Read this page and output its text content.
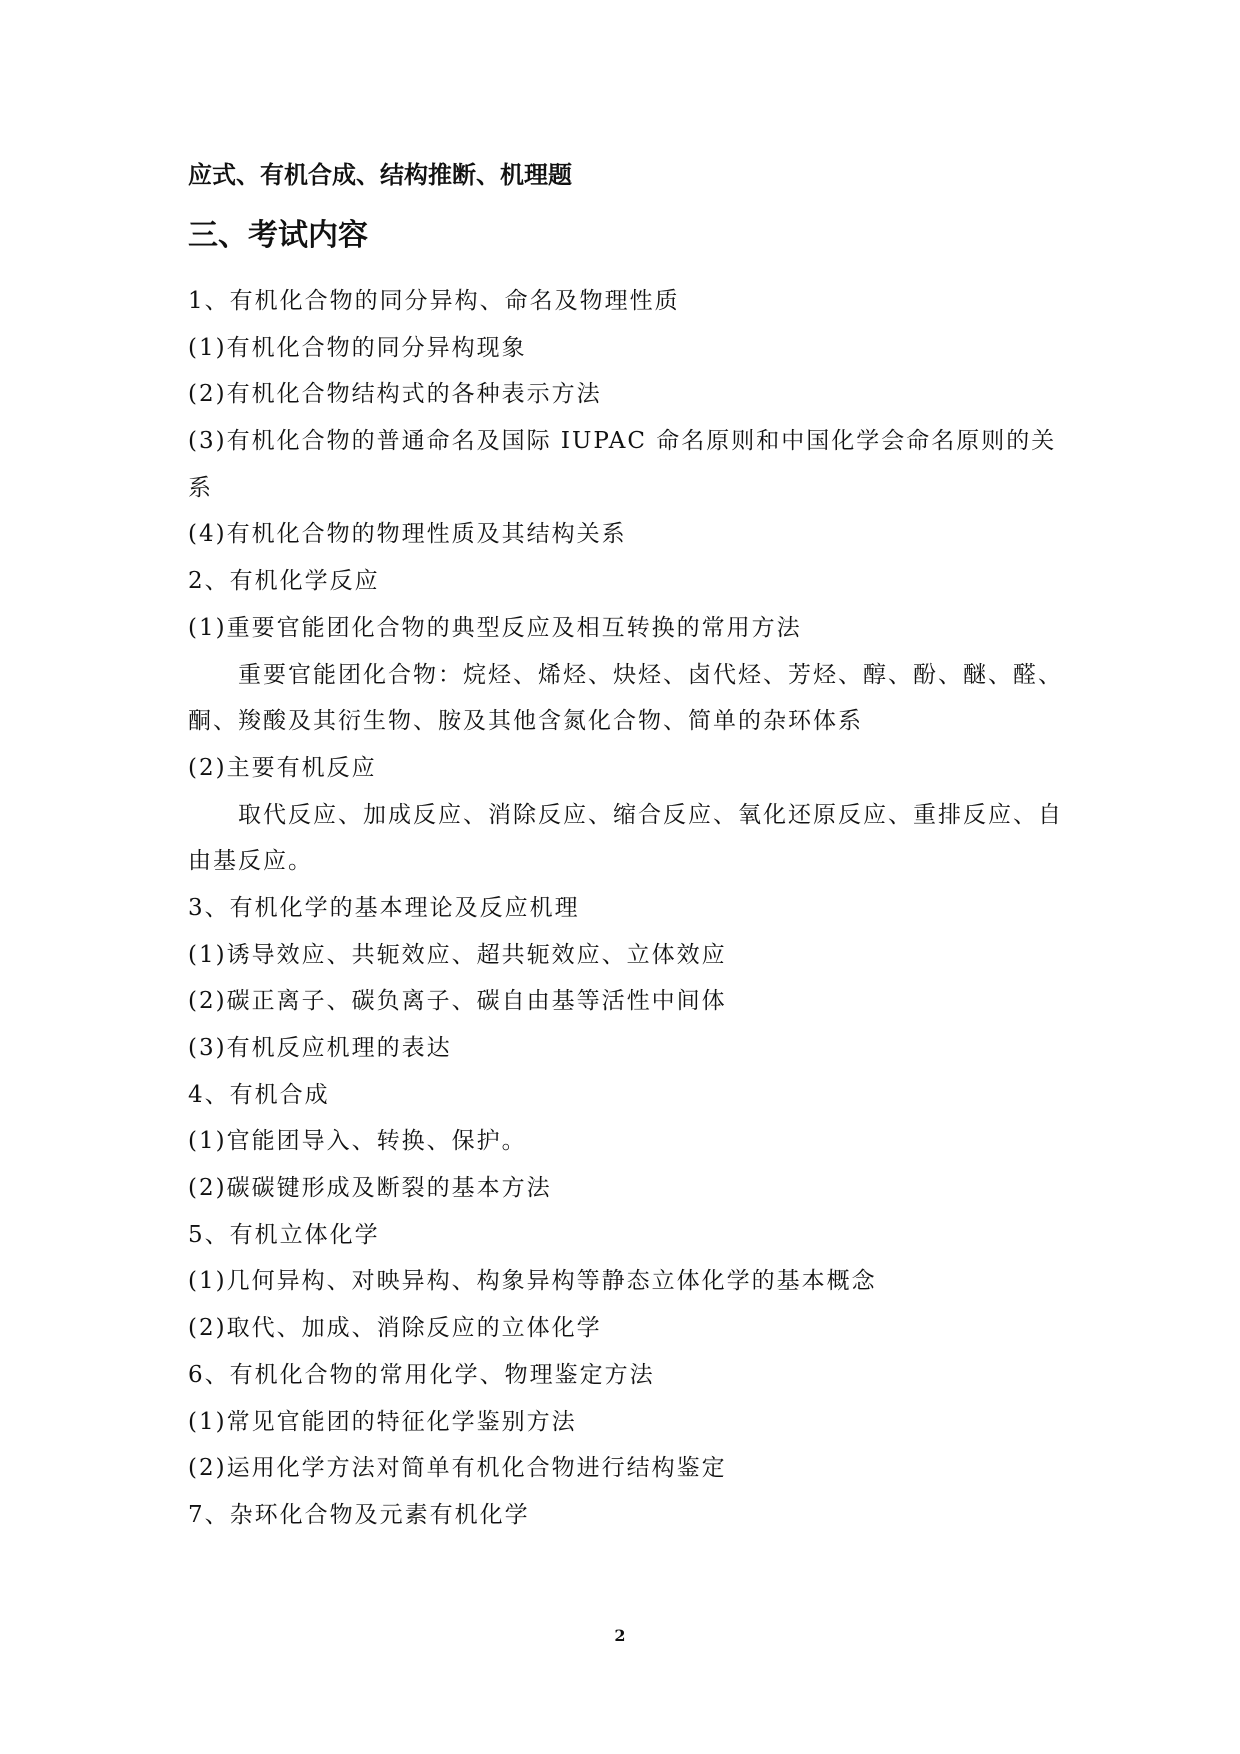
应式、有机合成、结构推断、机理题

三、考试内容
1、有机化合物的同分异构、命名及物理性质
(1)有机化合物的同分异构现象
(2)有机化合物结构式的各种表示方法
(3)有机化合物的普通命名及国际 IUPAC 命名原则和中国化学会命名原则的关
系
(4)有机化合物的物理性质及其结构关系
2、有机化学反应
(1)重要官能团化合物的典型反应及相互转换的常用方法
重要官能团化合物：烷烃、烯烃、炔烃、卤代烃、芳烃、醇、酚、醚、醛、
酮、羧酸及其衍生物、胺及其他含氮化合物、简单的杂环体系
(2)主要有机反应
取代反应、加成反应、消除反应、缩合反应、氧化还原反应、重排反应、自
由基反应。
3、有机化学的基本理论及反应机理
(1)诱导效应、共轭效应、超共轭效应、立体效应
(2)碳正离子、碳负离子、碳自由基等活性中间体
(3)有机反应机理的表达
4、有机合成
(1)官能团导入、转换、保护。
(2)碳碳键形成及断裂的基本方法
5、有机立体化学
(1)几何异构、对映异构、构象异构等静态立体化学的基本概念
(2)取代、加成、消除反应的立体化学
6、有机化合物的常用化学、物理鉴定方法
(1)常见官能团的特征化学鉴别方法
(2)运用化学方法对简单有机化合物进行结构鉴定
7、杂环化合物及元素有机化学
2
